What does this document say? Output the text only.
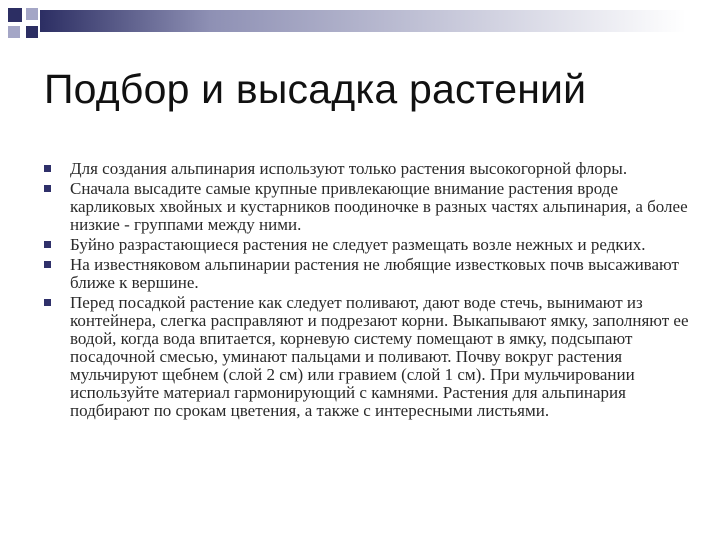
Подбор и высадка растений
Для создания альпинария используют только растения высокогорной флоры.
Сначала высадите самые крупные привлекающие внимание растения вроде карликовых хвойных и кустарников поодиночке в разных частях альпинария, а более низкие - группами между ними.
Буйно разрастающиеся растения не следует размещать возле нежных и редких.
На известняковом альпинарии растения не любящие известковых почв высаживают ближе к вершине.
Перед посадкой растение как следует поливают, дают воде стечь, вынимают из контейнера, слегка расправляют и подрезают корни. Выкапывают ямку, заполняют ее водой, когда вода впитается, корневую систему помещают в ямку, подсыпают посадочной смесью, уминают пальцами и поливают. Почву вокруг растения мульчируют щебнем (слой 2 см) или гравием (слой 1 см). При мульчировании используйте материал гармонирующий с камнями. Растения для альпинария подбирают по срокам цветения, а также с интересными листьями.
